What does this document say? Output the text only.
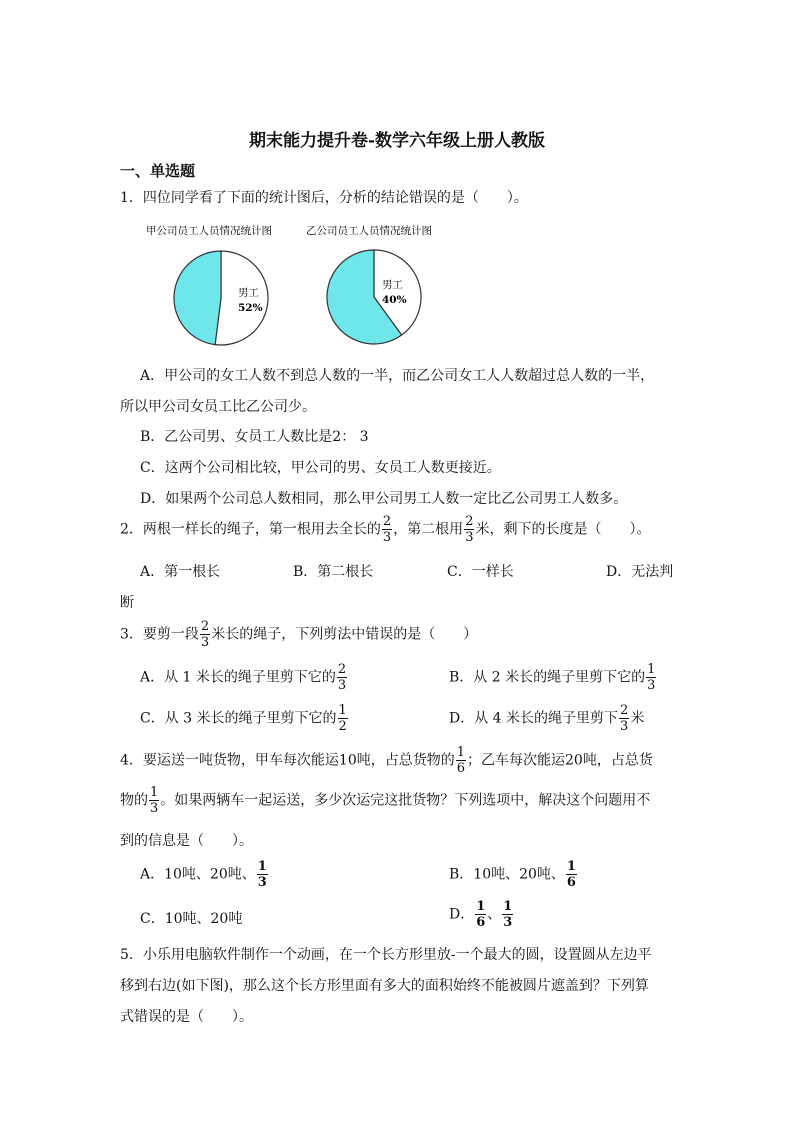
期末能力提升卷-数学六年级上册人教版
一、单选题
1．四位同学看了下面的统计图后，分析的结论错误的是（　　）。
甲公司员工人员情况统计图	乙公司员工人员情况统计图
男工
52%
男工
40%
A．甲公司的女工人数不到总人数的一半，而乙公司女工人人数超过总人数的一半，
所以甲公司女员工比乙公司少。
B．乙公司男、女员工人数比是2： 3
C．这两个公司相比较，甲公司的男、女员工人数更接近。
D．如果两个公司总人数相同，那么甲公司男工人数一定比乙公司男工人数多。
2．两根一样长的绳子，第一根用去全长的 $\frac{2}{3}$ ，第二根用 $\frac{2}{3}$ 米，剩下的长度是（　　）。
A．第一根长	B．第二根长	C．一样长	D．无法判
断
3．要剪一段 $\frac{2}{3}$ 米长的绳子，下列剪法中错误的是（　　）
A．从 1 米长的绳子里剪下它的 $\frac{2}{3}$	B．从 2 米长的绳子里剪下它的 $\frac{1}{3}$
C．从 3 米长的绳子里剪下它的 $\frac{1}{2}$	D．从 4 米长的绳子里剪下 $\frac{2}{3}$ 米
4．要运送一吨货物，甲车每次能运10吨，占总货物的 $\frac{1}{6}$ ；乙车每次能运20吨，占总货
物的 $\frac{1}{3}$ 。如果两辆车一起运送，多少次运完这批货物？下列选项中，解决这个问题用不
到的信息是（　　）。
A．10吨、20吨、 $\frac{1}{3}$	B．10吨、20吨、 $\frac{1}{6}$
C．10吨、20吨	D． $\frac{1}{6}$ 、 $\frac{1}{3}$
5．小乐用电脑软件制作一个动画，在一个长方形里放-一个最大的圆，设置圆从左边平
移到右边(如下图)，那么这个长方形里面有多大的面积始终不能被圆片遮盖到？下列算
式错误的是（　　）。
